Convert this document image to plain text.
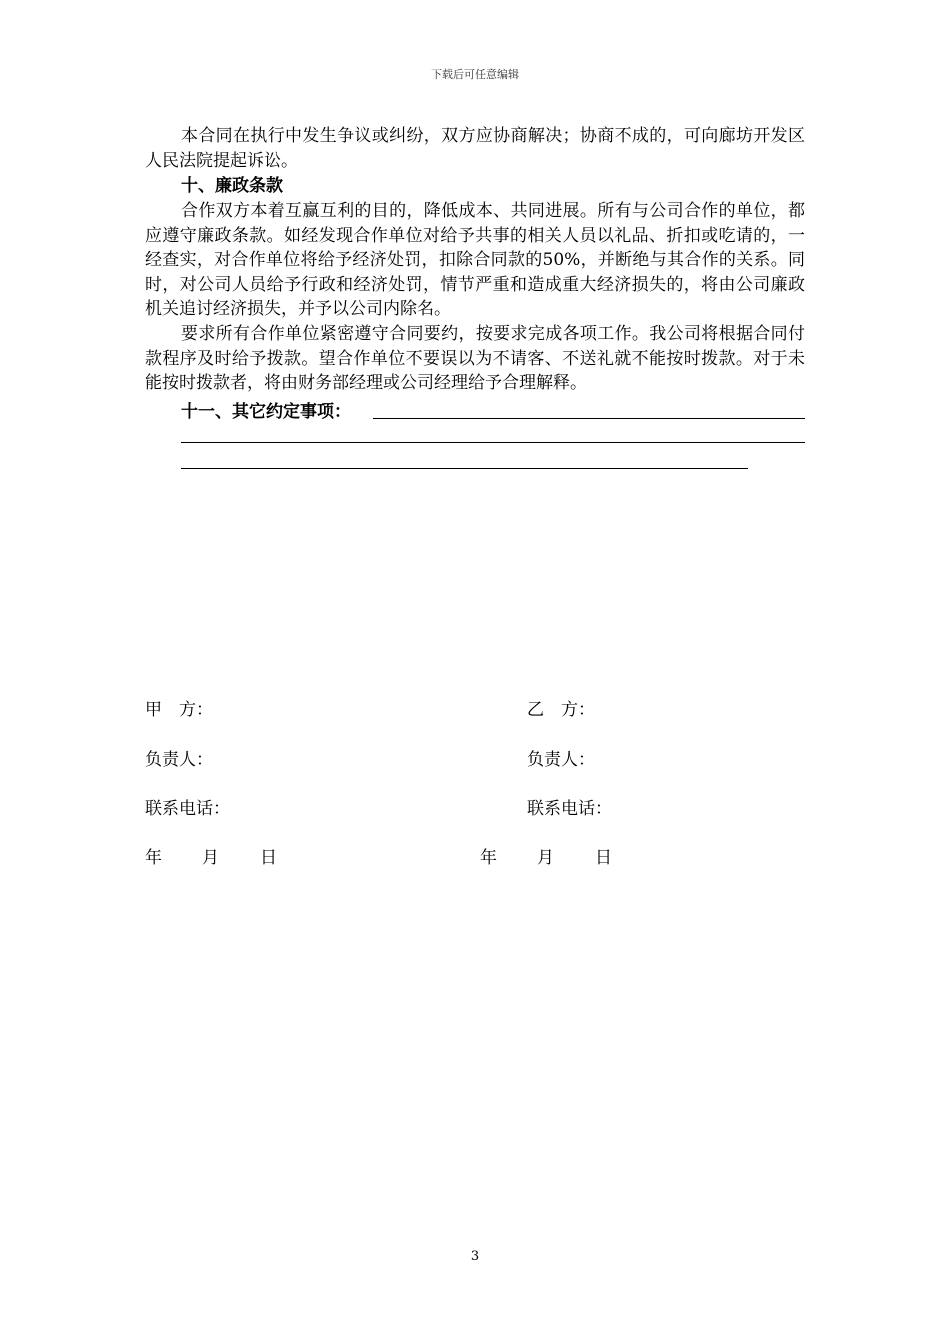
下载后可任意编辑

本合同在执行中发生争议或纠纷，双方应协商解决；协商不成的，可向廊坊开发区人民法院提起诉讼。

十、廉政条款

合作双方本着互赢互利的目的，降低成本、共同进展。所有与公司合作的单位，都应遵守廉政条款。如经发现合作单位对给予共事的相关人员以礼品、折扣或吃请的，一经查实，对合作单位将给予经济处罚，扣除合同款的50%，并断绝与其合作的关系。同时，对公司人员给予行政和经济处罚，情节严重和造成重大经济损失的，将由公司廉政机关追讨经济损失，并予以公司内除名。

要求所有合作单位紧密遵守合同要约，按要求完成各项工作。我公司将根据合同付款程序及时给予拨款。望合作单位不要误以为不请客、不送礼就不能按时拨款。对于未能按时拨款者，将由财务部经理或公司经理给予合理解释。

十一、其它约定事项：

甲　方：
负责人：
联系电话：
年 月 日
乙　方：
负责人：
联系电话：
年 月 日
3
